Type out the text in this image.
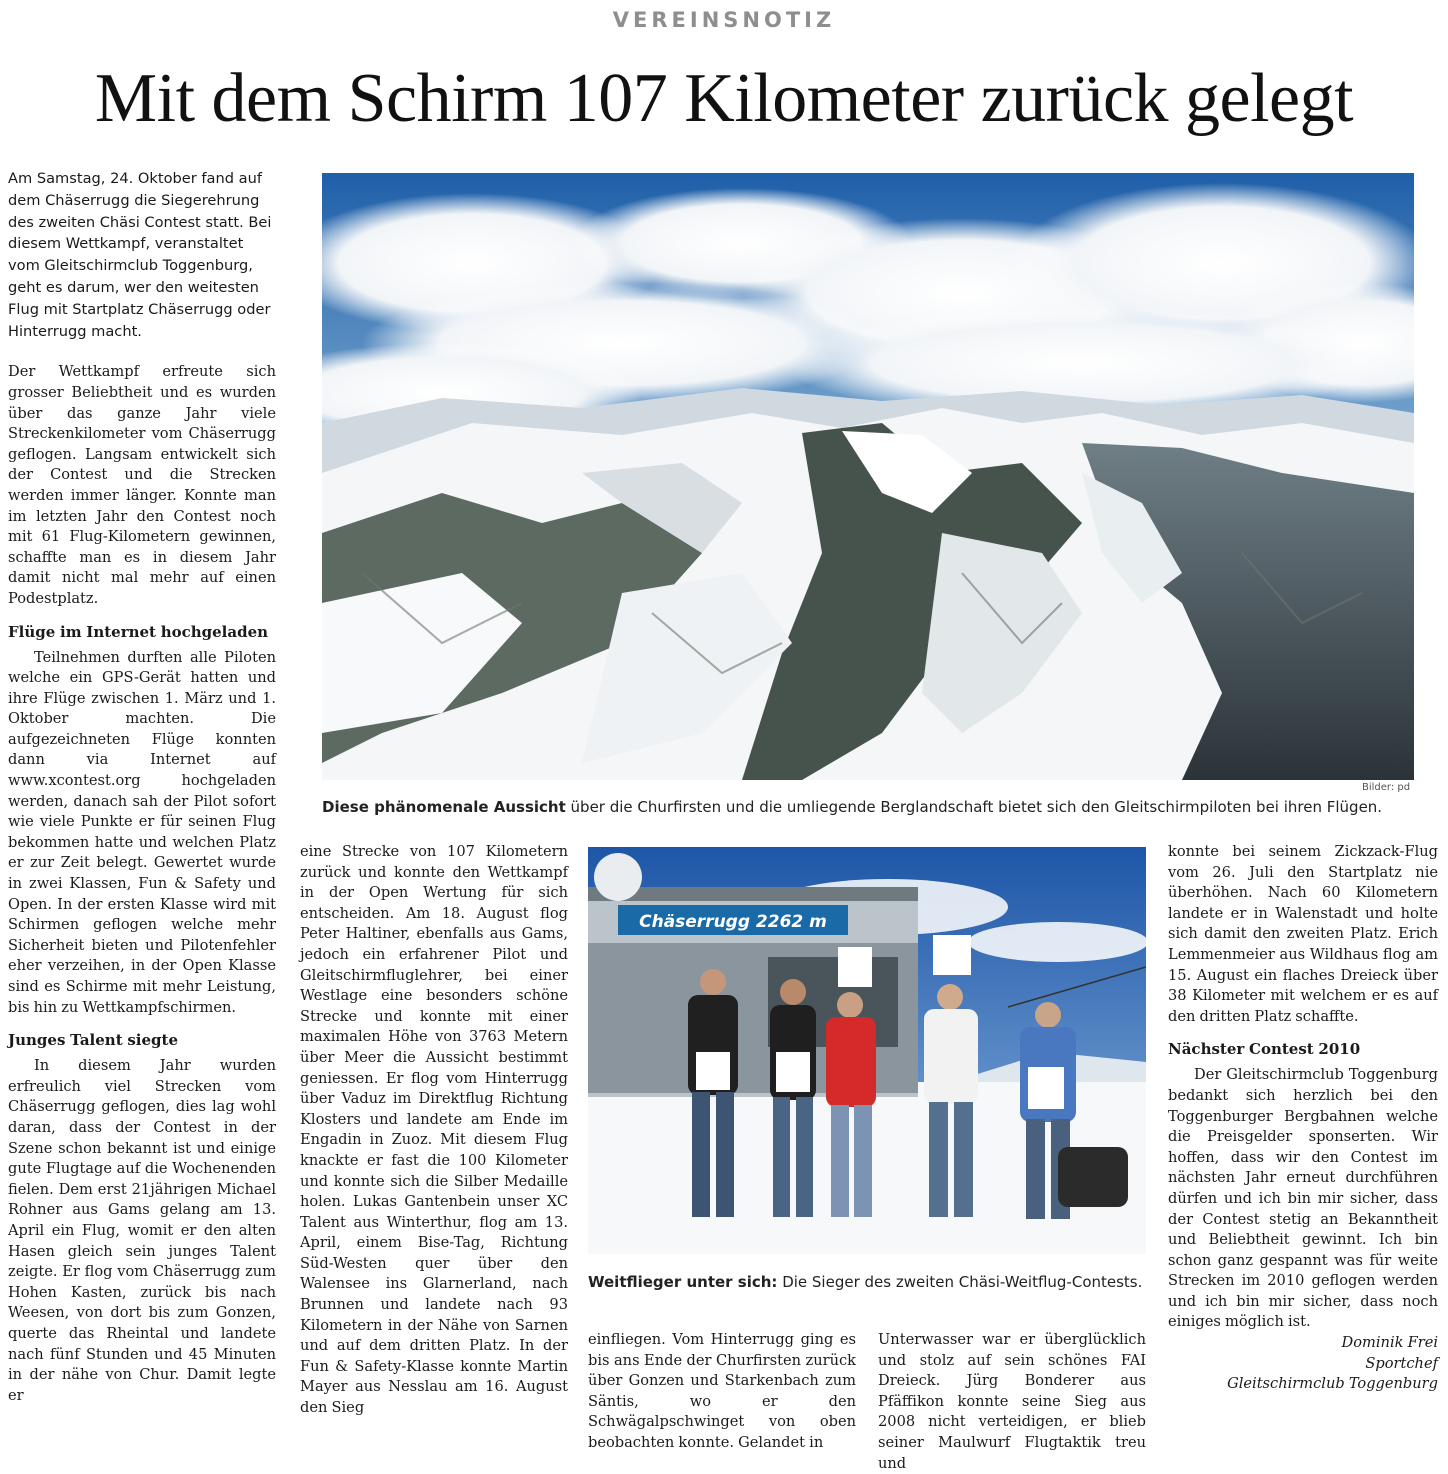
VEREINSNOTIZ
Mit dem Schirm 107 Kilometer zurück gelegt

Am Samstag, 24. Oktober fand auf dem Chäserrugg die Siegerehrung des zweiten Chäsi Contest statt. Bei diesem Wettkampf, veranstaltet vom Gleitschirmclub Toggenburg, geht es darum, wer den weitesten Flug mit Startplatz Chäserrugg oder Hinterrugg macht.

Der Wettkampf erfreute sich grosser Beliebtheit und es wurden über das ganze Jahr viele Streckenkilometer vom Chäserrugg geflogen. Langsam entwickelt sich der Contest und die Strecken werden immer länger. Konnte man im letzten Jahr den Contest noch mit 61 Flug-Kilometern gewinnen, schaffte man es in diesem Jahr damit nicht mal mehr auf einen Podestplatz.

Flüge im Internet hochgeladen

Teilnehmen durften alle Piloten welche ein GPS-Gerät hatten und ihre Flüge zwischen 1. März und 1. Oktober machten. Die aufgezeichneten Flüge konnten dann via Internet auf www.xcontest.org hochgeladen werden, danach sah der Pilot sofort wie viele Punkte er für seinen Flug bekommen hatte und welchen Platz er zur Zeit belegt. Gewertet wurde in zwei Klassen, Fun & Safety und Open. In der ersten Klasse wird mit Schirmen geflogen welche mehr Sicherheit bieten und Pilotenfehler eher verzeihen, in der Open Klasse sind es Schirme mit mehr Leistung, bis hin zu Wettkampfschirmen.

Junges Talent siegte

In diesem Jahr wurden erfreulich viel Strecken vom Chäserrugg geflogen, dies lag wohl daran, dass der Contest in der Szene schon bekannt ist und einige gute Flugtage auf die Wochenenden fielen. Dem erst 21jährigen Michael Rohner aus Gams gelang am 13. April ein Flug, womit er den alten Hasen gleich sein junges Talent zeigte. Er flog vom Chäserrugg zum Hohen Kasten, zurück bis nach Weesen, von dort bis zum Gonzen, querte das Rheintal und landete nach fünf Stunden und 45 Minuten in der nähe von Chur. Damit legte er

eine Strecke von 107 Kilometern zurück und konnte den Wettkampf in der Open Wertung für sich entscheiden. Am 18. August flog Peter Haltiner, ebenfalls aus Gams, jedoch ein erfahrener Pilot und Gleitschirmfluglehrer, bei einer Westlage eine besonders schöne Strecke und konnte mit einer maximalen Höhe von 3763 Metern über Meer die Aussicht bestimmt geniessen. Er flog vom Hinterrugg über Vaduz im Direktflug Richtung Klosters und landete am Ende im Engadin in Zuoz. Mit diesem Flug knackte er fast die 100 Kilometer und konnte sich die Silber Medaille holen. Lukas Gantenbein unser XC Talent aus Winterthur, flog am 13. April, einem Bise-Tag, Richtung Süd-Westen quer über den Walensee ins Glarnerland, nach Brunnen und landete nach 93 Kilometern in der Nähe von Sarnen und auf dem dritten Platz. In der Fun & Safety-Klasse konnte Martin Mayer aus Nesslau am 16. August den Sieg

einfliegen. Vom Hinterrugg ging es bis ans Ende der Churfirsten zurück über Gonzen und Starkenbach zum Säntis, wo er den Schwägalpschwinget von oben beobachten konnte. Gelandet in

Unterwasser war er überglücklich und stolz auf sein schönes FAI Dreieck. Jürg Bonderer aus Pfäffikon konnte seine Sieg aus 2008 nicht verteidigen, er blieb seiner Maulwurf Flugtaktik treu und

konnte bei seinem Zickzack-Flug vom 26. Juli den Startplatz nie überhöhen. Nach 60 Kilometern landete er in Walenstadt und holte sich damit den zweiten Platz. Erich Lemmenmeier aus Wildhaus flog am 15. August ein flaches Dreieck über 38 Kilometer mit welchem er es auf den dritten Platz schaffte.

Nächster Contest 2010

Der Gleitschirmclub Toggenburg bedankt sich herzlich bei den Toggenburger Bergbahnen welche die Preisgelder sponserten. Wir hoffen, dass wir den Contest im nächsten Jahr erneut durchführen dürfen und ich bin mir sicher, dass der Contest stetig an Bekanntheit und Beliebtheit gewinnt. Ich bin schon ganz gespannt was für weite Strecken im 2010 geflogen werden und ich bin mir sicher, dass noch einiges möglich ist.

Dominik Frei

Sportchef

Gleitschirmclub Toggenburg

Bilder: pd
Diese phänomenale Aussicht über die Churfirsten und die umliegende Berglandschaft bietet sich den Gleitschirmpiloten bei ihren Flügen.
Chäserrugg 2262 m
Weitflieger unter sich: Die Sieger des zweiten Chäsi-Weitflug-Contests.
